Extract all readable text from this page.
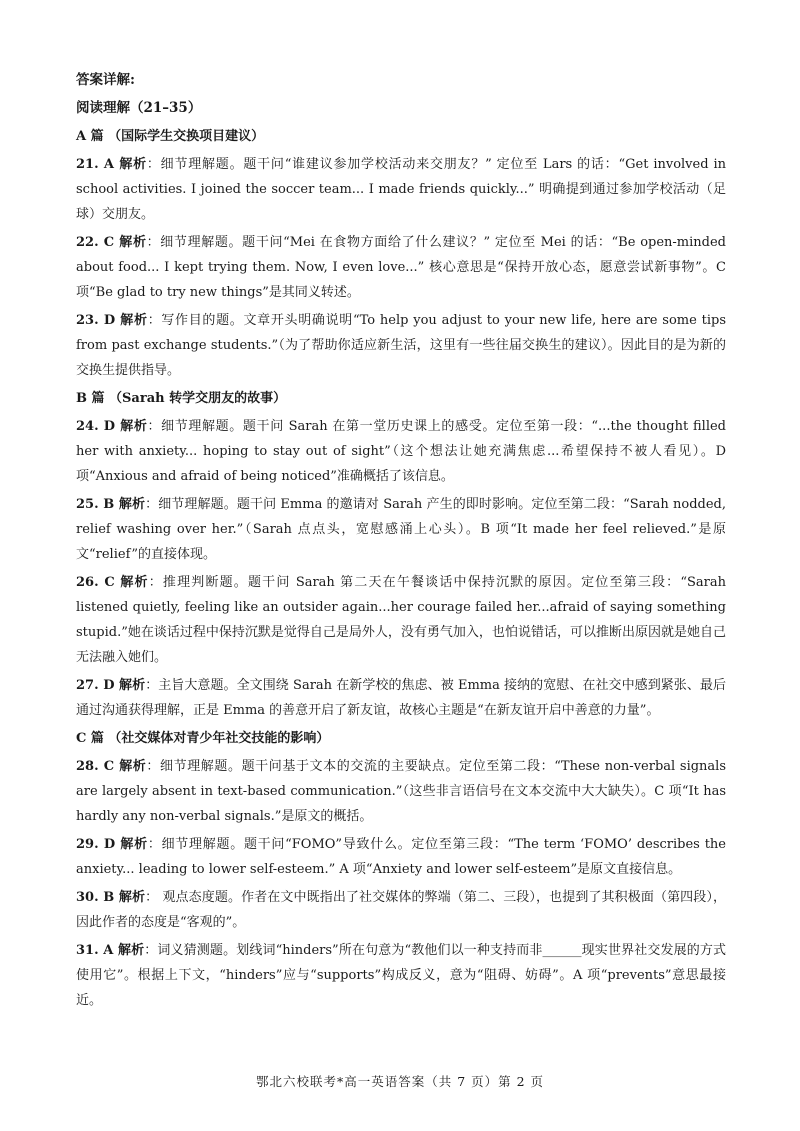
答案详解:

阅读理解（21–35）

A 篇 （国际学生交换项目建议）

21. A 解析：细节理解题。题干问“谁建议参加学校活动来交朋友？” 定位至 Lars 的话：“Get involved in school activities. I joined the soccer team... I made friends quickly...” 明确提到通过参加学校活动（足球）交朋友。

22. C 解析：细节理解题。题干问“Mei 在食物方面给了什么建议？” 定位至 Mei 的话：“Be open-minded about food... I kept trying them. Now, I even love...” 核心意思是“保持开放心态，愿意尝试新事物”。C 项“Be glad to try new things”是其同义转述。

23. D 解析：写作目的题。文章开头明确说明“To help you adjust to your new life, here are some tips from past exchange students.”（为了帮助你适应新生活，这里有一些往届交换生的建议）。因此目的是为新的交换生提供指导。

B 篇 （Sarah 转学交朋友的故事）

24. D 解析：细节理解题。题干问 Sarah 在第一堂历史课上的感受。定位至第一段：“...the thought filled her with anxiety... hoping to stay out of sight”（这个想法让她充满焦虑...希望保持不被人看见）。D 项“Anxious and afraid of being noticed”准确概括了该信息。

25. B 解析：细节理解题。题干问 Emma 的邀请对 Sarah 产生的即时影响。定位至第二段：“Sarah nodded, relief washing over her.”（Sarah 点点头，宽慰感涌上心头）。B 项“It made her feel relieved.”是原文“relief”的直接体现。

26. C 解析：推理判断题。题干问 Sarah 第二天在午餐谈话中保持沉默的原因。定位至第三段：“Sarah listened quietly, feeling like an outsider again...her courage failed her...afraid of saying something stupid.”她在谈话过程中保持沉默是觉得自己是局外人，没有勇气加入，也怕说错话，可以推断出原因就是她自己无法融入她们。

27. D 解析：主旨大意题。全文围绕 Sarah 在新学校的焦虑、被 Emma 接纳的宽慰、在社交中感到紧张、最后通过沟通获得理解，正是 Emma 的善意开启了新友谊，故核心主题是“在新友谊开启中善意的力量”。

C 篇 （社交媒体对青少年社交技能的影响）

28. C 解析：细节理解题。题干问基于文本的交流的主要缺点。定位至第二段：“These non-verbal signals are largely absent in text-based communication.”（这些非言语信号在文本交流中大大缺失）。C 项“It has hardly any non-verbal signals.”是原文的概括。

29. D 解析：细节理解题。题干问“FOMO”导致什么。定位至第三段：“The term ‘FOMO’ describes the anxiety... leading to lower self-esteem.” A 项“Anxiety and lower self-esteem”是原文直接信息。

30. B 解析： 观点态度题。作者在文中既指出了社交媒体的弊端（第二、三段），也提到了其积极面（第四段），因此作者的态度是“客观的”。

31. A 解析：词义猜测题。划线词“hinders”所在句意为“教他们以一种支持而非______现实世界社交发展的方式使用它”。根据上下文，“hinders”应与“supports”构成反义，意为“阻碍、妨碍”。A 项“prevents”意思最接近。

鄂北六校联考*高一英语答案（共 7 页）第 2 页
